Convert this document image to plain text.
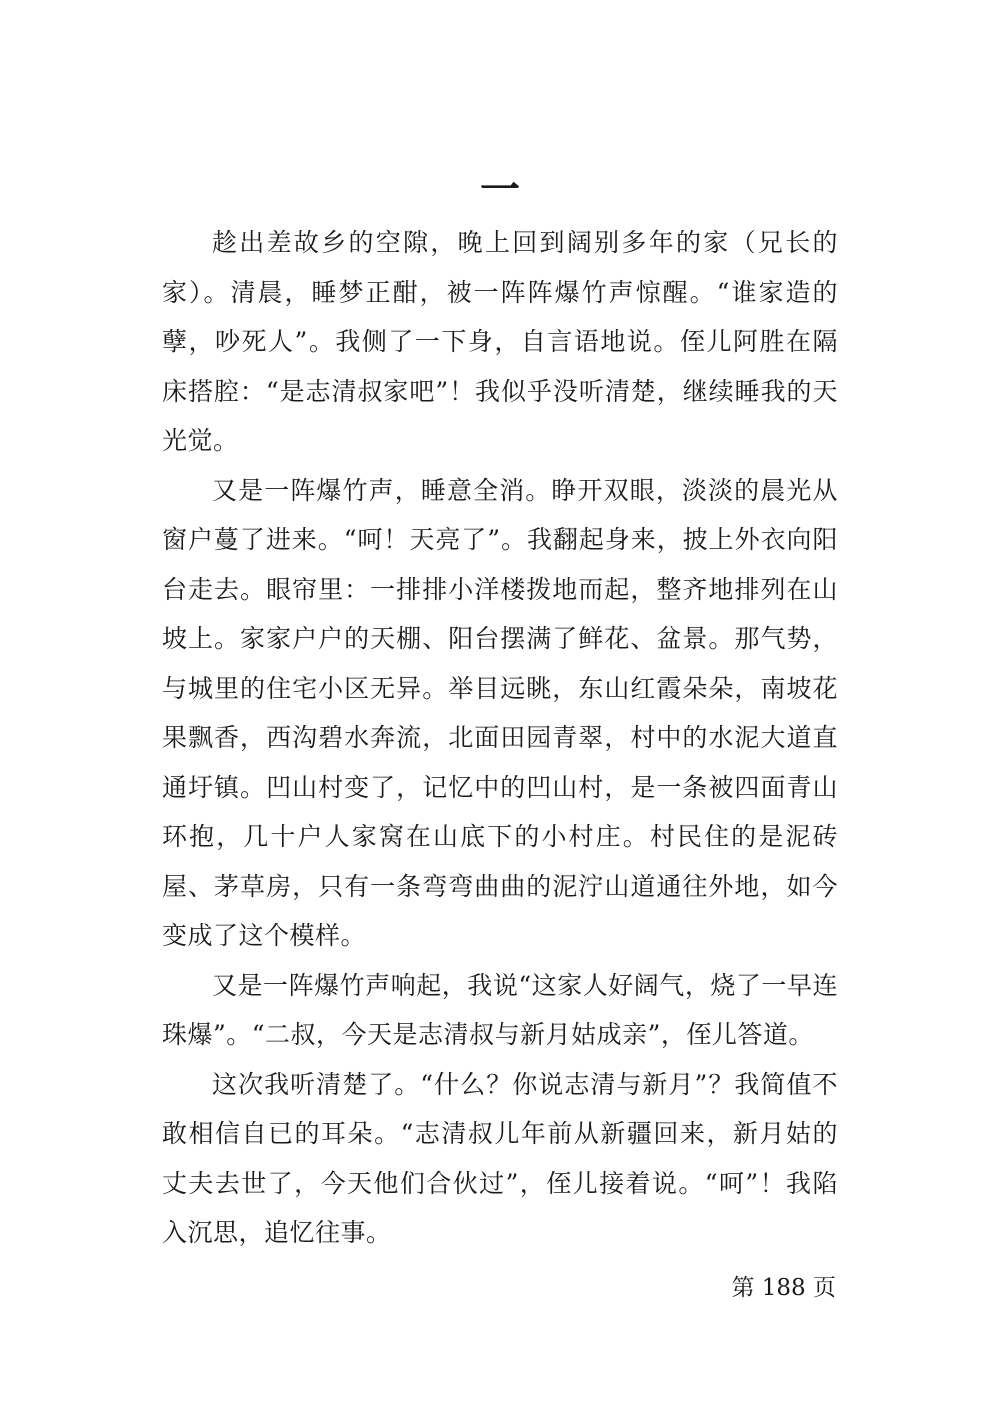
一

趁出差故乡的空隙，晚上回到阔别多年的家（兄长的家）。清晨，睡梦正酣，被一阵阵爆竹声惊醒。“谁家造的孽，吵死人”。我侧了一下身，自言语地说。侄儿阿胜在隔床搭腔：“是志清叔家吧”！我似乎没听清楚，继续睡我的天光觉。

又是一阵爆竹声，睡意全消。睁开双眼，淡淡的晨光从窗户蔓了进来。“呵！天亮了”。我翻起身来，披上外衣向阳台走去。眼帘里：一排排小洋楼拨地而起，整齐地排列在山坡上。家家户户的天棚、阳台摆满了鲜花、盆景。那气势，与城里的住宅小区无异。举目远眺，东山红霞朵朵，南坡花果飘香，西沟碧水奔流，北面田园青翠，村中的水泥大道直通圩镇。凹山村变了，记忆中的凹山村，是一条被四面青山环抱，几十户人家窝在山底下的小村庄。村民住的是泥砖屋、茅草房，只有一条弯弯曲曲的泥泞山道通往外地，如今变成了这个模样。

又是一阵爆竹声响起，我说“这家人好阔气，烧了一早连珠爆”。“二叔，今天是志清叔与新月姑成亲”，侄儿答道。

这次我听清楚了。“什么？你说志清与新月”？我简值不敢相信自已的耳朵。“志清叔儿年前从新疆回来，新月姑的丈夫去世了，今天他们合伙过”，侄儿接着说。“呵”！我陷入沉思，追忆往事。

第 188 页
